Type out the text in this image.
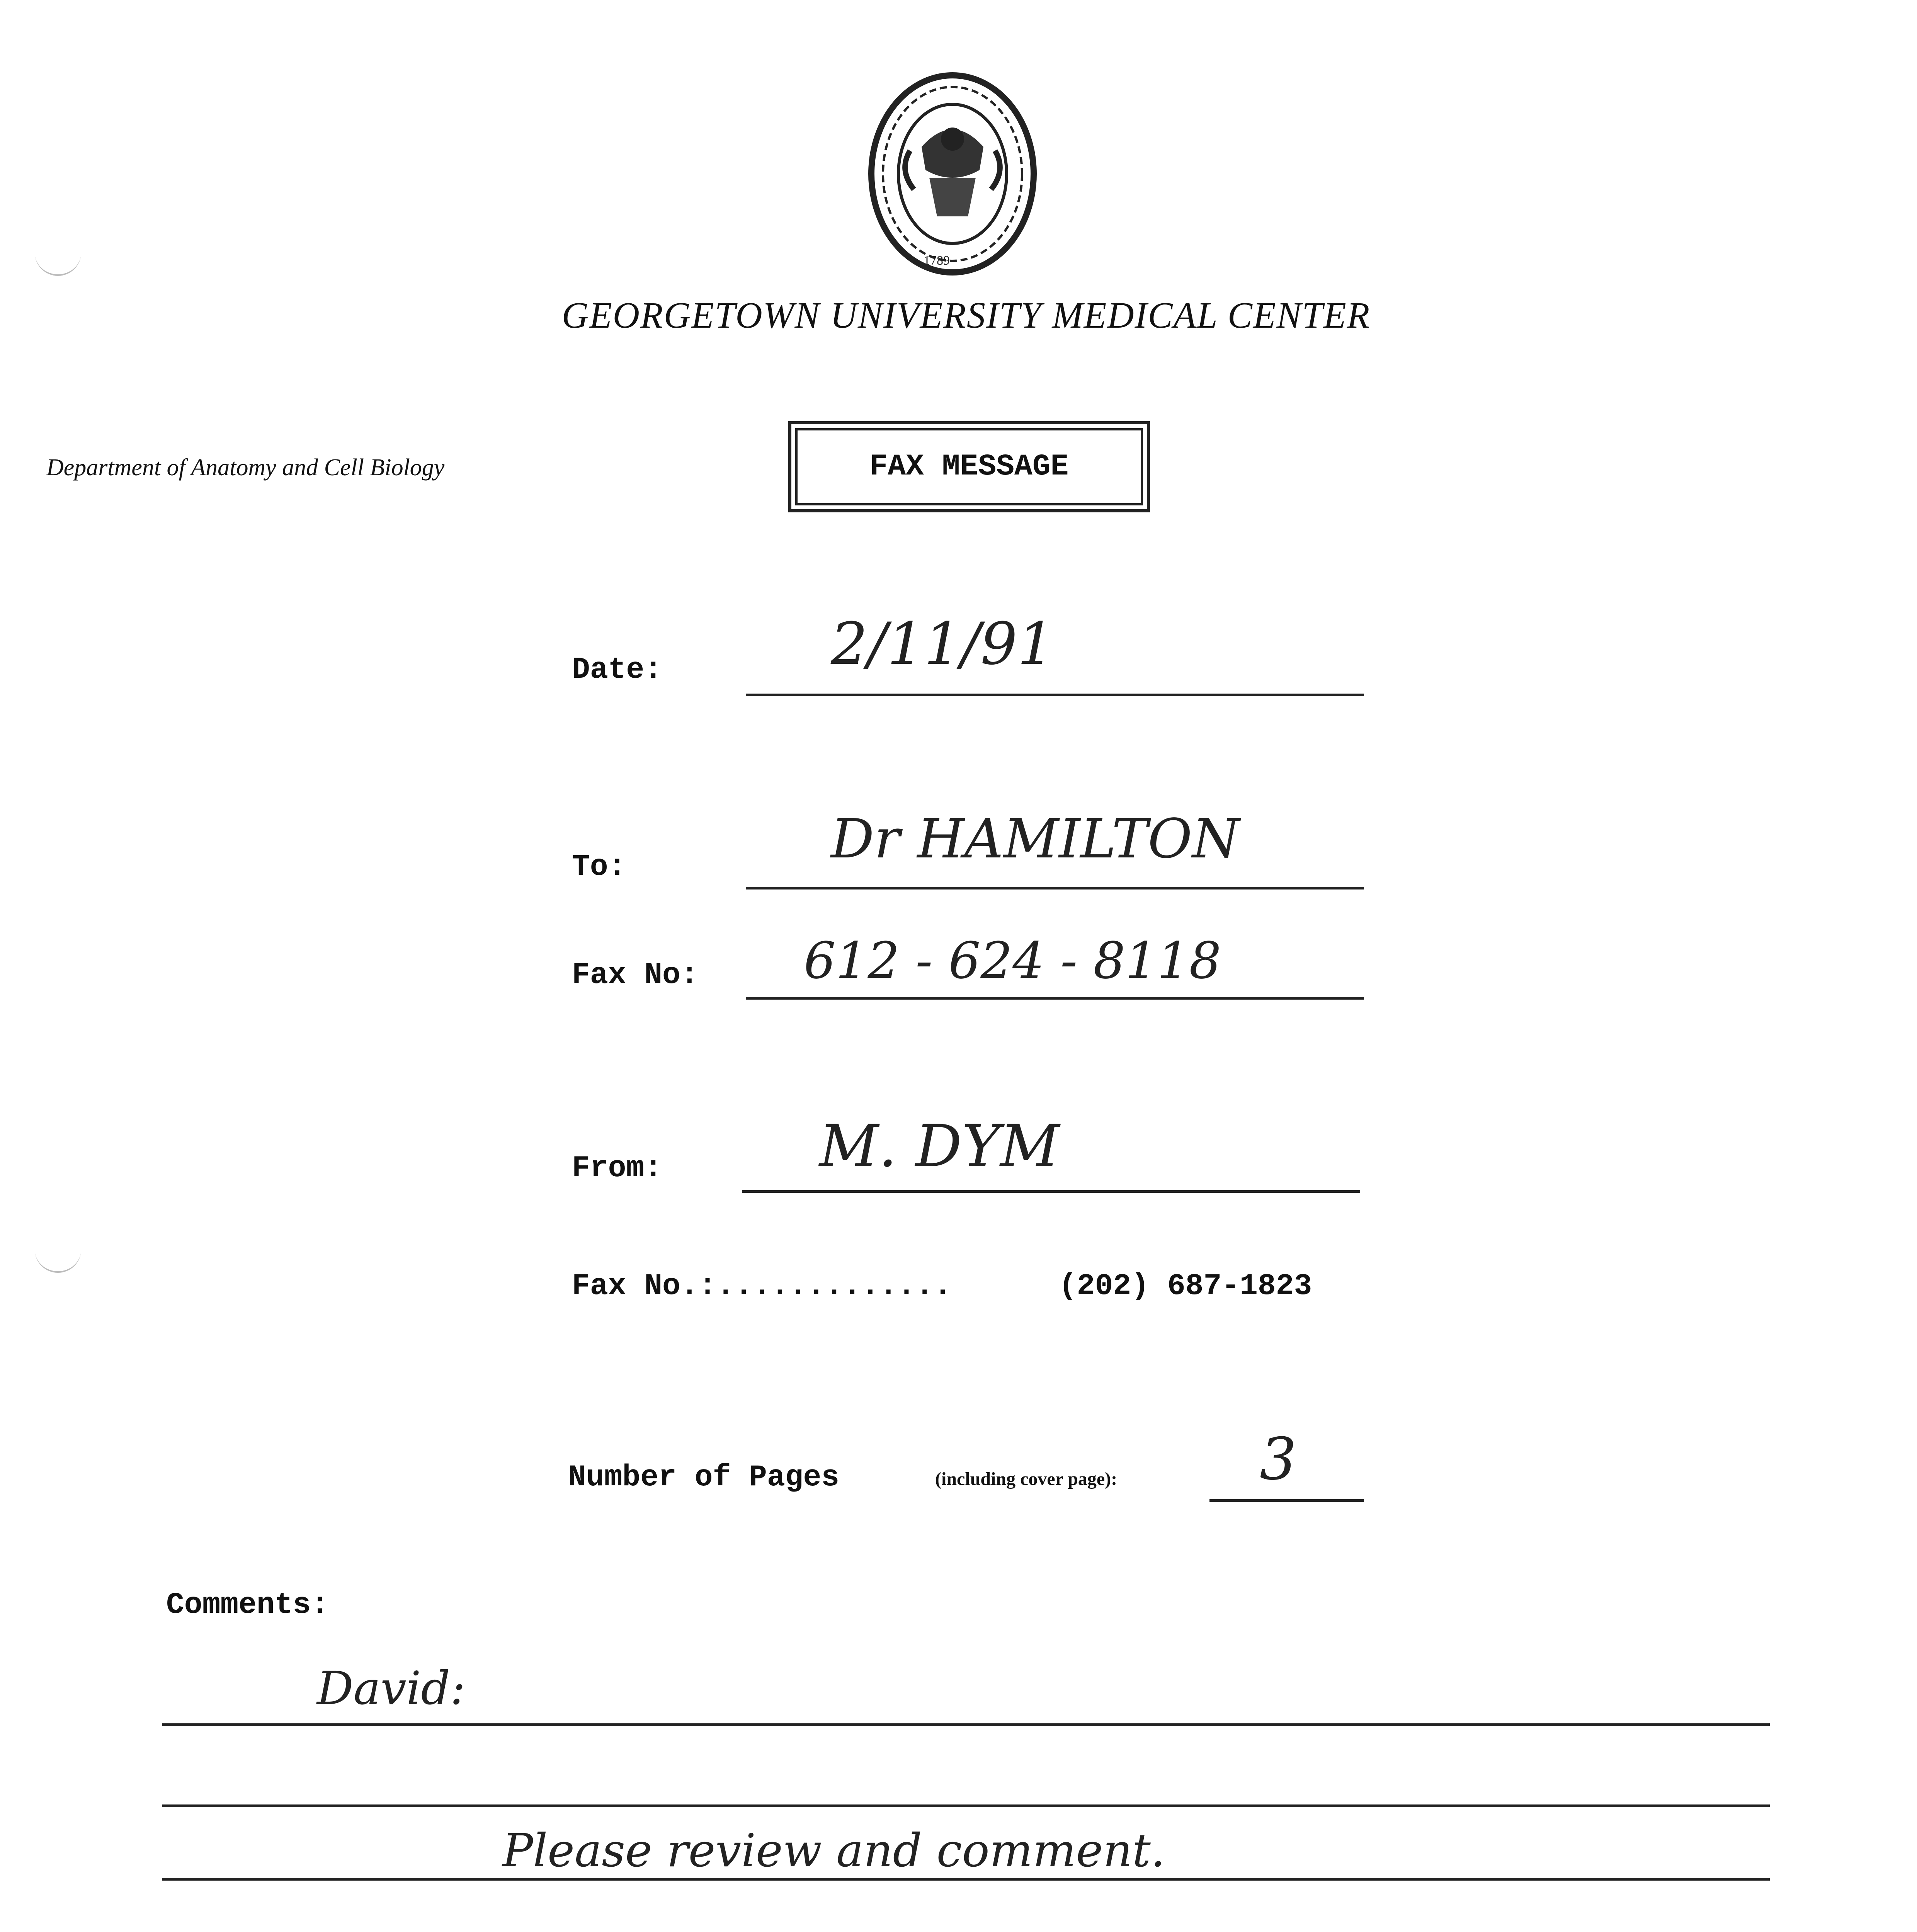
1789
GEORGETOWN UNIVERSITY MEDICAL CENTER
Department of Anatomy and Cell Biology	FAX MESSAGE
Date:	2/11/91
To:	Dr HAMILTON
Fax No: 612 - 624 - 8118
From:	M. DYM
Fax No.:.............	(202) 687-1823
Number of Pages	(including cover page): 3
Comments:
David:
Please review and comment.
